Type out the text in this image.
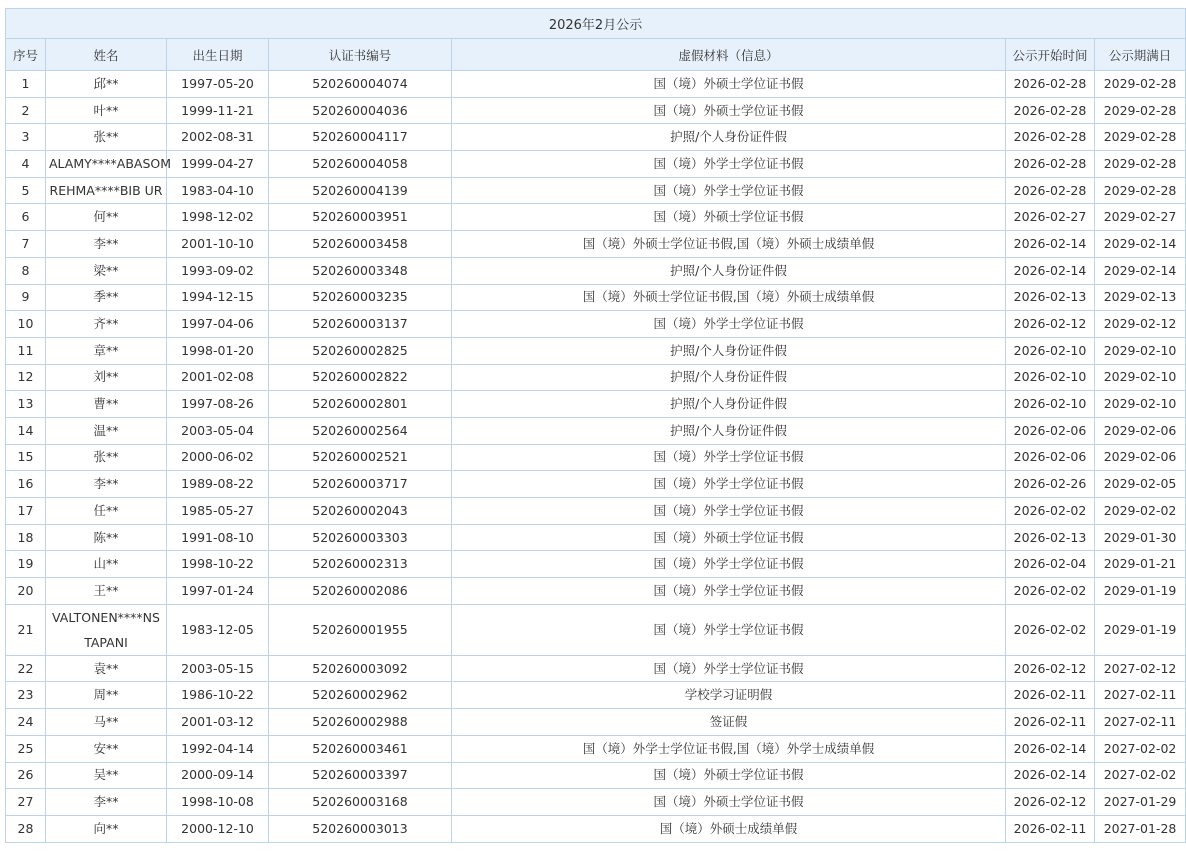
2026年2月公示						
序号	姓名	出生日期	认证书编号	虚假材料（信息）	公示开始时间	公示期满日
1	邱**	1997-05-20	520260004074	国（境）外硕士学位证书假	2026-02-28	2029-02-28
2	叶**	1999-11-21	520260004036	国（境）外硕士学位证书假	2026-02-28	2029-02-28
3	张**	2002-08-31	520260004117	护照/个人身份证件假	2026-02-28	2029-02-28
4	ALAMY****ABASOM	1999-04-27	520260004058	国（境）外学士学位证书假	2026-02-28	2029-02-28
5	REHMA****BIB UR	1983-04-10	520260004139	国（境）外学士学位证书假	2026-02-28	2029-02-28
6	何**	1998-12-02	520260003951	国（境）外硕士学位证书假	2026-02-27	2029-02-27
7	李**	2001-10-10	520260003458	国（境）外硕士学位证书假,国（境）外硕士成绩单假	2026-02-14	2029-02-14
8	梁**	1993-09-02	520260003348	护照/个人身份证件假	2026-02-14	2029-02-14
9	季**	1994-12-15	520260003235	国（境）外硕士学位证书假,国（境）外硕士成绩单假	2026-02-13	2029-02-13
10	齐**	1997-04-06	520260003137	国（境）外学士学位证书假	2026-02-12	2029-02-12
11	章**	1998-01-20	520260002825	护照/个人身份证件假	2026-02-10	2029-02-10
12	刘**	2001-02-08	520260002822	护照/个人身份证件假	2026-02-10	2029-02-10
13	曹**	1997-08-26	520260002801	护照/个人身份证件假	2026-02-10	2029-02-10
14	温**	2003-05-04	520260002564	护照/个人身份证件假	2026-02-06	2029-02-06
15	张**	2000-06-02	520260002521	国（境）外学士学位证书假	2026-02-06	2029-02-06
16	李**	1989-08-22	520260003717	国（境）外学士学位证书假	2026-02-26	2029-02-05
17	任**	1985-05-27	520260002043	国（境）外学士学位证书假	2026-02-02	2029-02-02
18	陈**	1991-08-10	520260003303	国（境）外硕士学位证书假	2026-02-13	2029-01-30
19	山**	1998-10-22	520260002313	国（境）外学士学位证书假	2026-02-04	2029-01-21
20	王**	1997-01-24	520260002086	国（境）外学士学位证书假	2026-02-02	2029-01-19
21	VALTONEN****NS TAPANI	1983-12-05	520260001955	国（境）外学士学位证书假	2026-02-02	2029-01-19
22	袁**	2003-05-15	520260003092	国（境）外学士学位证书假	2026-02-12	2027-02-12
23	周**	1986-10-22	520260002962	学校学习证明假	2026-02-11	2027-02-11
24	马**	2001-03-12	520260002988	签证假	2026-02-11	2027-02-11
25	安**	1992-04-14	520260003461	国（境）外学士学位证书假,国（境）外学士成绩单假	2026-02-14	2027-02-02
26	吴**	2000-09-14	520260003397	国（境）外硕士学位证书假	2026-02-14	2027-02-02
27	李**	1998-10-08	520260003168	国（境）外硕士学位证书假	2026-02-12	2027-01-29
28	向**	2000-12-10	520260003013	国（境）外硕士成绩单假	2026-02-11	2027-01-28
